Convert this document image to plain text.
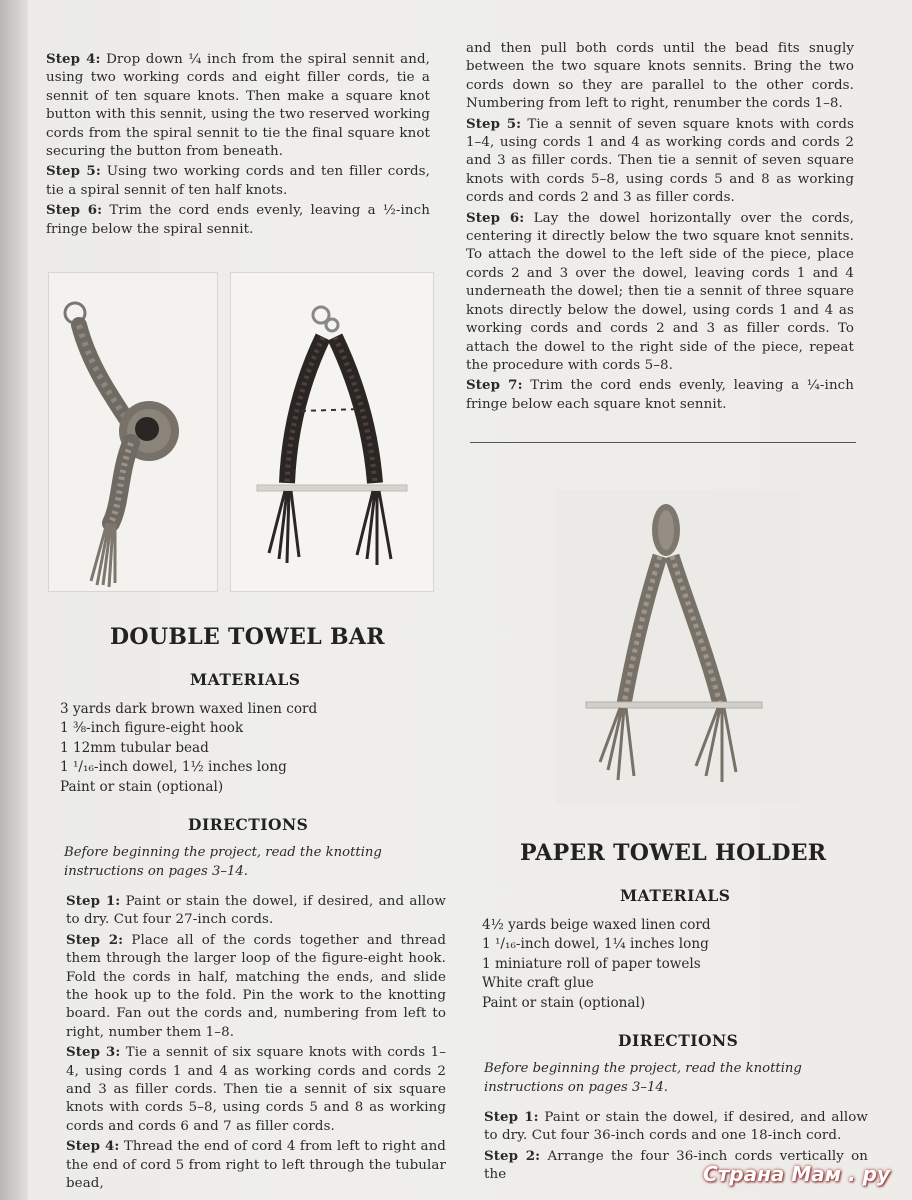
Step 4: Drop down ¼ inch from the spiral sennit and, using two working cords and eight filler cords, tie a sennit of ten square knots. Then make a square knot button with this sennit, using the two reserved working cords from the spiral sennit to tie the final square knot securing the button from beneath.

Step 5: Using two working cords and ten filler cords, tie a spiral sennit of ten half knots.

Step 6: Trim the cord ends evenly, leaving a ½-inch fringe below the spiral sennit.

and then pull both cords until the bead fits snugly between the two square knots sennits. Bring the two cords down so they are parallel to the other cords. Numbering from left to right, renumber the cords 1–8.

Step 5: Tie a sennit of seven square knots with cords 1–4, using cords 1 and 4 as working cords and cords 2 and 3 as filler cords. Then tie a sennit of seven square knots with cords 5–8, using cords 5 and 8 as working cords and cords 2 and 3 as filler cords.

Step 6: Lay the dowel horizontally over the cords, centering it directly below the two square knot sennits. To attach the dowel to the left side of the piece, place cords 2 and 3 over the dowel, leaving cords 1 and 4 underneath the dowel; then tie a sennit of three square knots directly below the dowel, using cords 1 and 4 as working cords and cords 2 and 3 as filler cords. To attach the dowel to the right side of the piece, repeat the procedure with cords 5–8.

Step 7: Trim the cord ends evenly, leaving a ¼-inch fringe below each square knot sennit.

DOUBLE TOWEL BAR
MATERIALS
3 yards dark brown waxed linen cord
1 ⅜-inch figure-eight hook
1 12mm tubular bead
1 ¹/₁₆-inch dowel, 1½ inches long
Paint or stain (optional)
DIRECTIONS
Before beginning the project, read the knotting instructions on pages 3–14.

Step 1: Paint or stain the dowel, if desired, and allow to dry. Cut four 27-inch cords.

Step 2: Place all of the cords together and thread them through the larger loop of the figure-eight hook. Fold the cords in half, matching the ends, and slide the hook up to the fold. Pin the work to the knotting board. Fan out the cords and, numbering from left to right, number them 1–8.

Step 3: Tie a sennit of six square knots with cords 1–4, using cords 1 and 4 as working cords and cords 2 and 3 as filler cords. Then tie a sennit of six square knots with cords 5–8, using cords 5 and 8 as working cords and cords 6 and 7 as filler cords.

Step 4: Thread the end of cord 4 from left to right and the end of cord 5 from right to left through the tubular bead,

PAPER TOWEL HOLDER
MATERIALS
4½ yards beige waxed linen cord
1 ¹/₁₆-inch dowel, 1¼ inches long
1 miniature roll of paper towels
White craft glue
Paint or stain (optional)
DIRECTIONS
Before beginning the project, read the knotting instructions on pages 3–14.

Step 1: Paint or stain the dowel, if desired, and allow to dry. Cut four 36-inch cords and one 18-inch cord.

Step 2: Arrange the four 36-inch cords vertically on the	Страна Мам . ру
